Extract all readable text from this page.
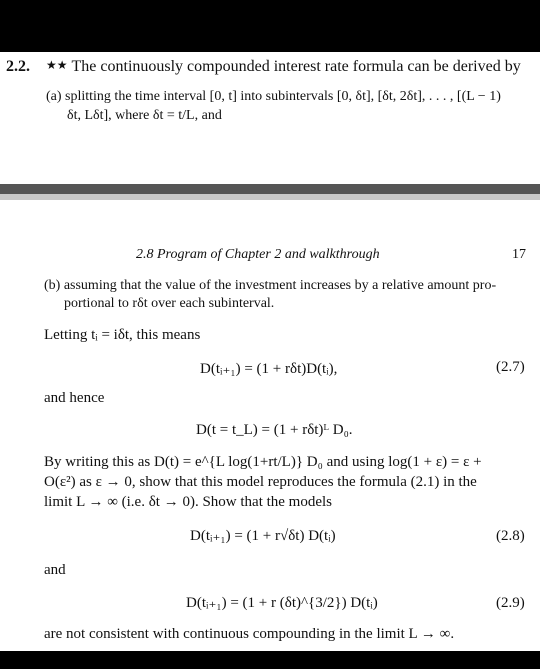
2.2. ★★ The continuously compounded interest rate formula can be derived by
(a) splitting the time interval [0, t] into subintervals [0, δt], [δt, 2δt], . . . , [(L − 1)
δt, Lδt], where δt = t/L, and
2.8 Program of Chapter 2 and walkthrough	17
(b) assuming that the value of the investment increases by a relative amount pro-
portional to rδt over each subinterval.
Letting tᵢ = iδt, this means
D(tᵢ₊₁) = (1 + rδt)D(tᵢ),	(2.7)
and hence
D(t = t_L) = (1 + rδt)ᴸ D₀.
By writing this as D(t) = e^{L log(1+rt/L)} D₀ and using log(1 + ε) = ε +
O(ε²) as ε → 0, show that this model reproduces the formula (2.1) in the
limit L → ∞ (i.e. δt → 0). Show that the models
D(tᵢ₊₁) = (1 + r√δt) D(tᵢ)	(2.8)
and
D(tᵢ₊₁) = (1 + r (δt)^{3/2}) D(tᵢ)	(2.9)
are not consistent with continuous compounding in the limit L → ∞.
